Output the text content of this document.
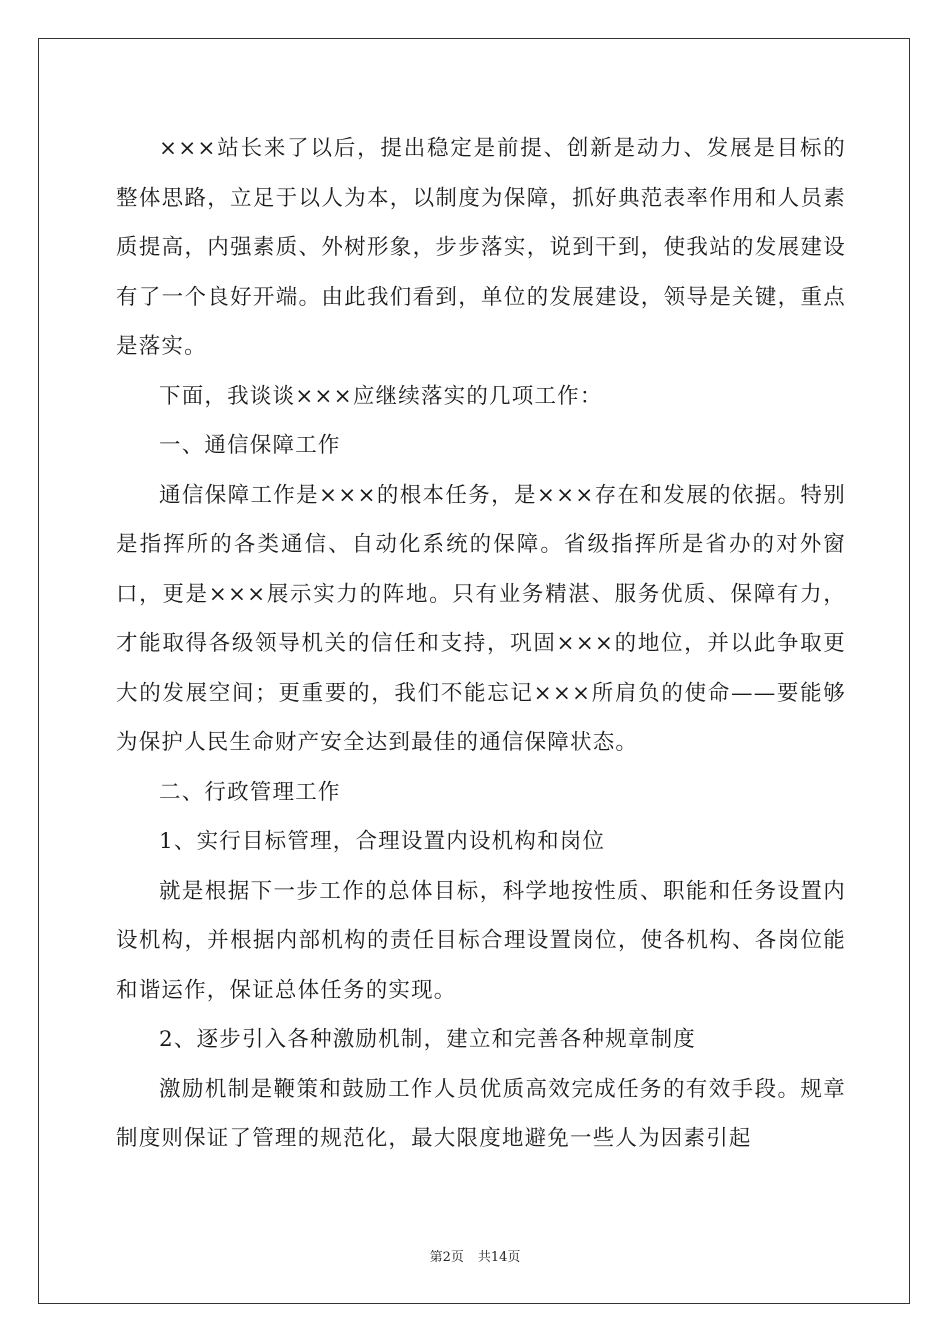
×××站长来了以后，提出稳定是前提、创新是动力、发展是目标的整体思路，立足于以人为本，以制度为保障，抓好典范表率作用和人员素质提高，内强素质、外树形象，步步落实，说到干到，使我站的发展建设有了一个良好开端。由此我们看到，单位的发展建设，领导是关键，重点是落实。

下面，我谈谈×××应继续落实的几项工作：

一、通信保障工作

通信保障工作是×××的根本任务，是×××存在和发展的依据。特别是指挥所的各类通信、自动化系统的保障。省级指挥所是省办的对外窗口，更是×××展示实力的阵地。只有业务精湛、服务优质、保障有力，才能取得各级领导机关的信任和支持，巩固×××的地位，并以此争取更大的发展空间；更重要的，我们不能忘记×××所肩负的使命——要能够为保护人民生命财产安全达到最佳的通信保障状态。

二、行政管理工作

1、实行目标管理，合理设置内设机构和岗位

就是根据下一步工作的总体目标，科学地按性质、职能和任务设置内设机构，并根据内部机构的责任目标合理设置岗位，使各机构、各岗位能和谐运作，保证总体任务的实现。

2、逐步引入各种激励机制，建立和完善各种规章制度

激励机制是鞭策和鼓励工作人员优质高效完成任务的有效手段。规章制度则保证了管理的规范化，最大限度地避免一些人为因素引起

第2页 共14页
